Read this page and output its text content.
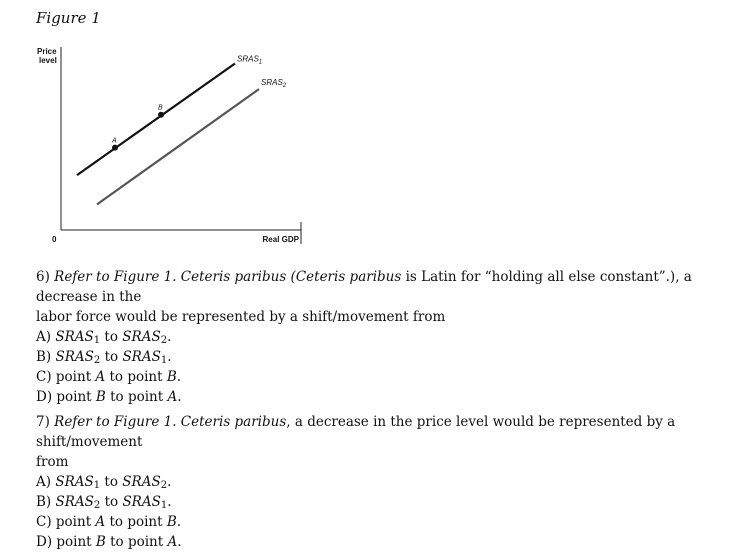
Figure 1
Price level
Real GDP
0
$SRAS_1$
$SRAS_2$
A
B
6) Refer to Figure 1. Ceteris paribus (Ceteris paribus is Latin for “holding all else constant”.), a decrease in the
labor force would be represented by a shift/movement from
A) $SRAS_1$ to $SRAS_2$.
B) $SRAS_2$ to $SRAS_1$.
C) point A to point B.
D) point B to point A.
7) Refer to Figure 1. Ceteris paribus, a decrease in the price level would be represented by a shift/movement
from
A) $SRAS_1$ to $SRAS_2$.
B) $SRAS_2$ to $SRAS_1$.
C) point A to point B.
D) point B to point A.
